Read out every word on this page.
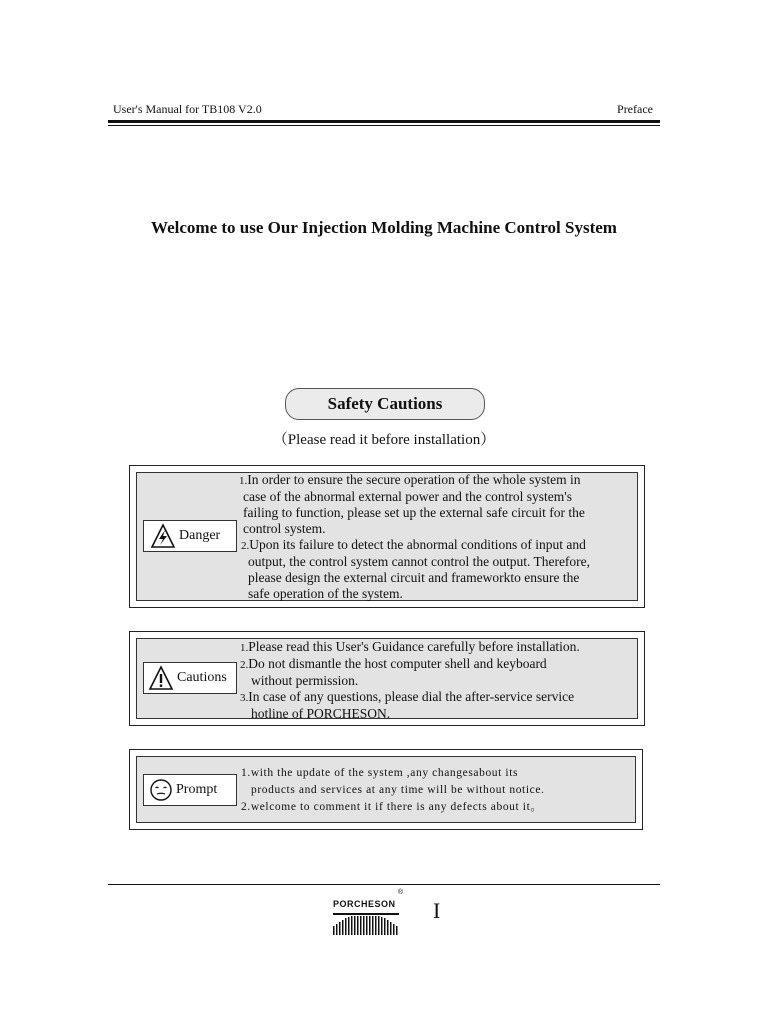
User's Manual for TB108 V2.0	Preface
Welcome to use Our Injection Molding Machine Control System
Safety Cautions
（Please read it before installation）
Danger
1.In order to ensure the secure operation of the whole system in
case of the abnormal external power and the control system's
failing to function, please set up the external safe circuit for the
control system.
2.Upon its failure to detect the abnormal conditions of input and
output, the control system cannot control the output. Therefore,
please design the external circuit and frameworkto ensure the
safe operation of the system.
Cautions
1.Please read this User's Guidance carefully before installation.
2.Do not dismantle the host computer shell and keyboard
without permission.
3.In case of any questions, please dial the after-service service
hotline of PORCHESON.
Prompt
1.with the update of the system ,any changesabout its
products and services at any time will be without notice.
2.welcome to comment it if there is any defects about it。
PORCHESON
®
I
